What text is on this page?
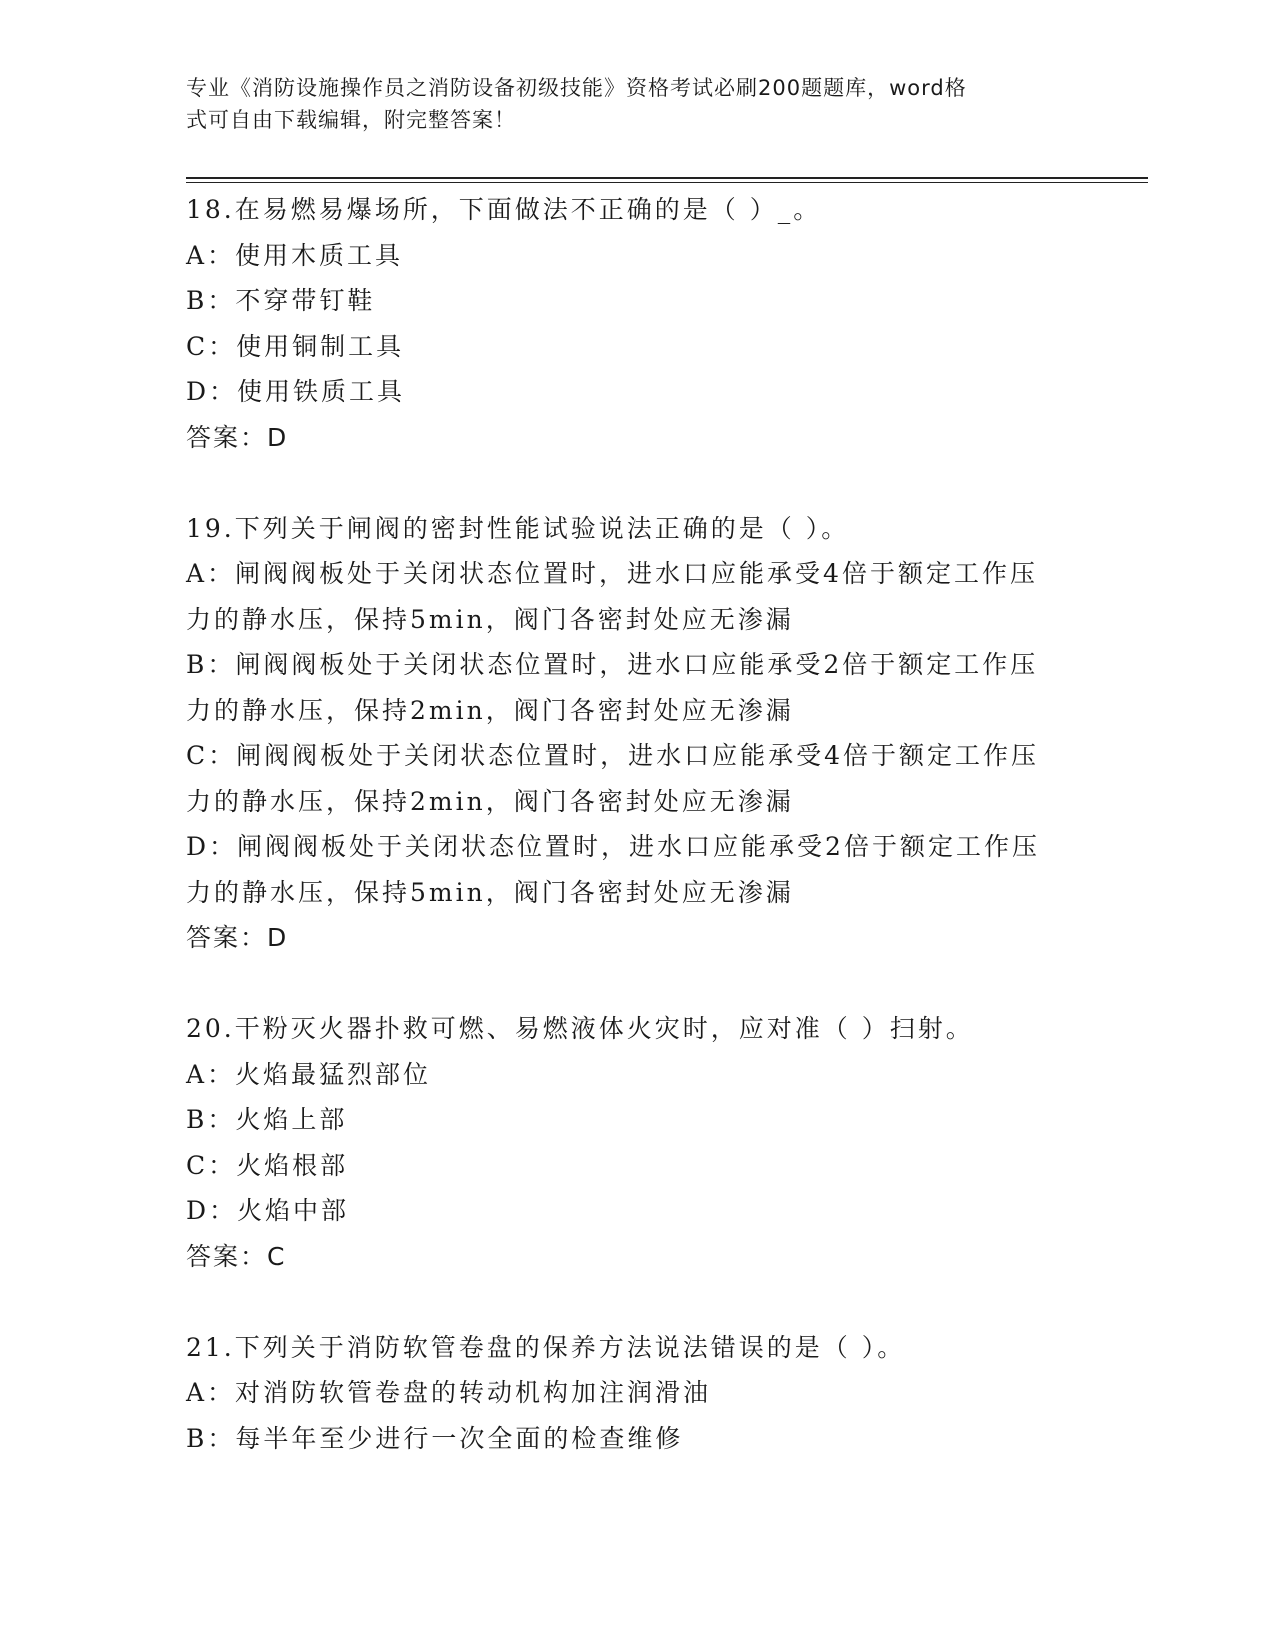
专业《消防设施操作员之消防设备初级技能》资格考试必刷200题题库，word格
式可自由下载编辑，附完整答案！
18.在易燃易爆场所，下面做法不正确的是（ ）_。
A：使用木质工具
B：不穿带钉鞋
C：使用铜制工具
D：使用铁质工具
答案：D
19.下列关于闸阀的密封性能试验说法正确的是（ ）。
A：闸阀阀板处于关闭状态位置时，进水口应能承受4倍于额定工作压
力的静水压，保持5min，阀门各密封处应无渗漏
B：闸阀阀板处于关闭状态位置时，进水口应能承受2倍于额定工作压
力的静水压，保持2min，阀门各密封处应无渗漏
C：闸阀阀板处于关闭状态位置时，进水口应能承受4倍于额定工作压
力的静水压，保持2min，阀门各密封处应无渗漏
D：闸阀阀板处于关闭状态位置时，进水口应能承受2倍于额定工作压
力的静水压，保持5min，阀门各密封处应无渗漏
答案：D
20.干粉灭火器扑救可燃、易燃液体火灾时，应对准（ ）扫射。
A：火焰最猛烈部位
B：火焰上部
C：火焰根部
D：火焰中部
答案：C
21.下列关于消防软管卷盘的保养方法说法错误的是（ ）。
A：对消防软管卷盘的转动机构加注润滑油
B：每半年至少进行一次全面的检查维修
